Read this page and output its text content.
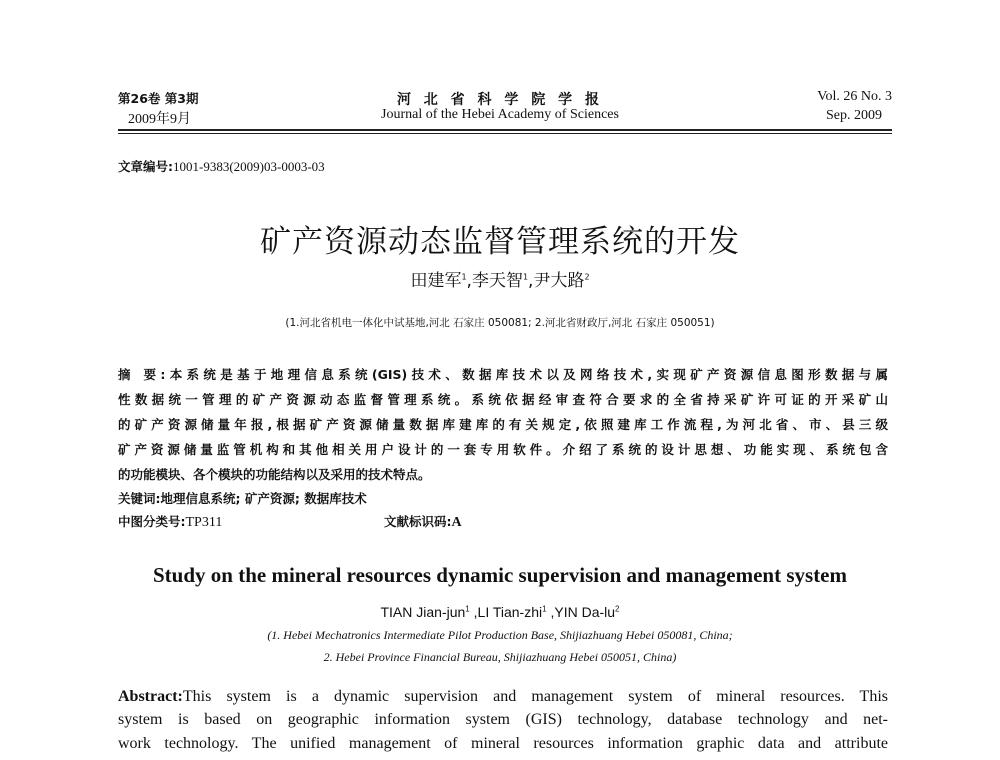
第26卷 第3期
2009年9月
河 北 省 科 学 院 学 报
Journal of the Hebei Academy of Sciences
Vol. 26 No. 3
Sep. 2009
文章编号:1001-9383(2009)03-0003-03
矿产资源动态监督管理系统的开发
田建军$^1$,李天智$^1$,尹大路$^2$
(1.河北省机电一体化中试基地,河北 石家庄 050081; 2.河北省财政厅,河北 石家庄 050051)
摘 要:本系统是基于地理信息系统(GIS)技术、数据库技术以及网络技术,实现矿产资源信息图形数据与属
性数据统一管理的矿产资源动态监督管理系统。系统依据经审查符合要求的全省持采矿许可证的开采矿山
的矿产资源储量年报,根据矿产资源储量数据库建库的有关规定,依照建库工作流程,为河北省、市、县三级
矿产资源储量监管机构和其他相关用户设计的一套专用软件。介绍了系统的设计思想、功能实现、系统包含
的功能模块、各个模块的功能结构以及采用的技术特点。
关键词:地理信息系统; 矿产资源; 数据库技术
中图分类号:TP311	文献标识码:A
Study on the mineral resources dynamic supervision and management system
TIAN Jian-jun$^1$ ,LI Tian-zhi$^1$ ,YIN $Da-lu^2$
(1. Hebei Mechatronics Intermediate Pilot Production Base, Shijiazhuang Hebei 050081, China;
2. Hebei Province Financial Bureau, Shijiazhuang Hebei 050051, China)
Abstract:This system is a dynamic supervision and management system of mineral resources. This
system is based on geographic information system (GIS) technology, database technology and net-
work technology. The unified management of mineral resources information graphic data and attribute
